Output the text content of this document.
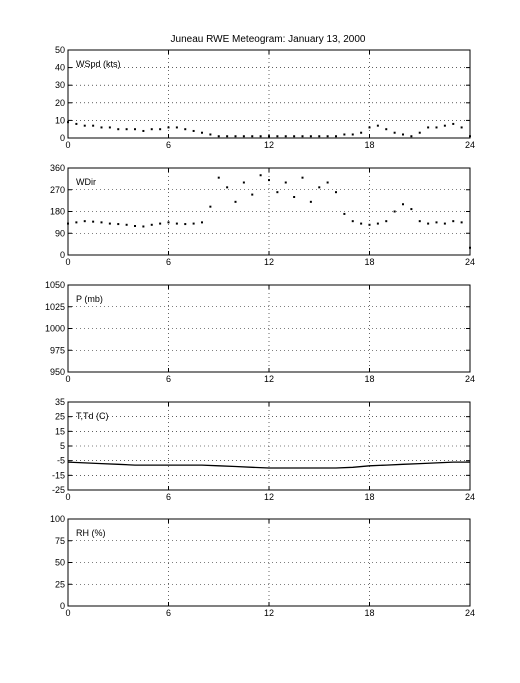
Juneau RWE Meteogram: January 13, 2000
0	6	12	18	24
0
10
20
30
40
50
WSpd (kts)
0	6	12	18	24
0
90
180
270
360
WDir
0	6	12	18	24
950
975
1000
1025
1050
P (mb)
0	6	12	18	24
-25
-15
-5
5
15
25
35
T,Td (C)
0	6	12	18	24
0
25
50
75
100
RH (%)
